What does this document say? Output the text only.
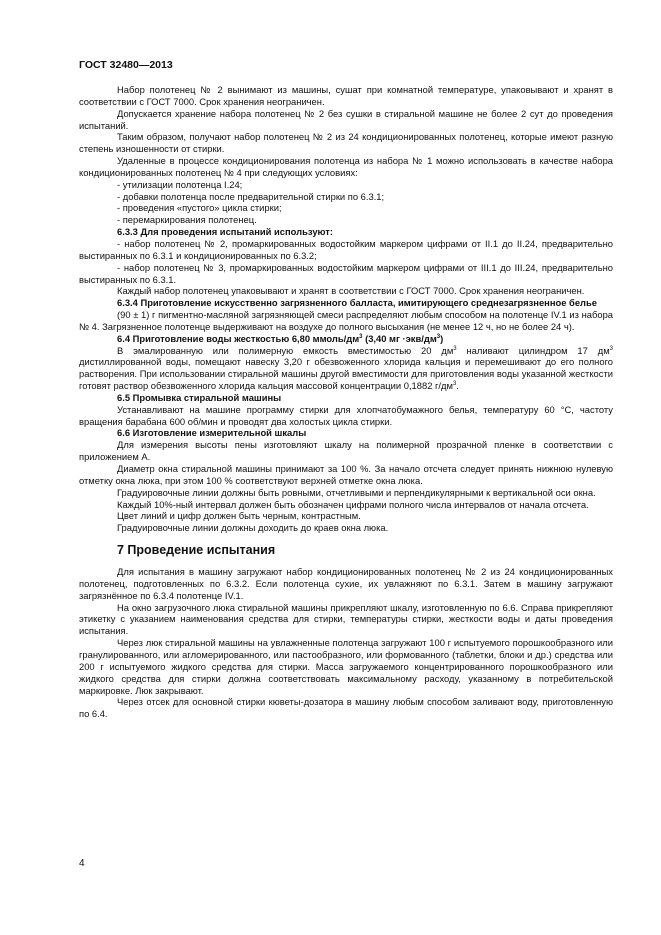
ГОСТ 32480—2013

Набор полотенец № 2 вынимают из машины, сушат при комнатной температуре, упаковывают и хранят в соответствии с ГОСТ 7000. Срок хранения неограничен.

Допускается хранение набора полотенец № 2 без сушки в стиральной машине не более 2 сут до проведения испытаний.

Таким образом, получают набор полотенец № 2 из 24 кондиционированных полотенец, которые имеют разную степень изношенности от стирки.

Удаленные в процессе кондиционирования полотенца из набора № 1 можно использовать в качестве набора кондиционированных полотенец № 4 при следующих условиях:

- утилизации полотенца I.24;

- добавки полотенца после предварительной стирки по 6.3.1;

- проведения «пустого» цикла стирки;

- перемаркирования полотенец.

6.3.3 Для проведения испытаний используют:

- набор полотенец № 2, промаркированных водостойким маркером цифрами от II.1 до II.24, предварительно выстиранных по 6.3.1 и кондиционированных по 6.3.2;

- набор полотенец № 3, промаркированных водостойким маркером цифрами от III.1 до III.24, предварительно выстиранных по 6.3.1.

Каждый набор полотенец упаковывают и хранят в соответствии с ГОСТ 7000. Срок хранения неограничен.

6.3.4 Приготовление искусственно загрязненного балласта, имитирующего среднезагрязненное белье

(90 ± 1) г пигментно-масляной загрязняющей смеси распределяют любым способом на полотенце IV.1 из набора № 4. Загрязненное полотенце выдерживают на воздухе до полного высыхания (не менее 12 ч, но не более 24 ч).

6.4 Приготовление воды жесткостью 6,80 ммоль/$дм^3$ (3,40 мг $\cdot экв/дм^3$)

В эмалированную или полимерную емкость вместимостью 20 $дм^3$ наливают цилиндром 17 $дм^3$ дистиллированной воды, помещают навеску 3,20 г обезвоженного хлорида кальция и перемешивают до его полного растворения. При использовании стиральной машины другой вместимости для приготовления воды указанной жесткости готовят раствор обезвоженного хлорида кальция массовой концентрации 0,1882 $г/дм^3$.

6.5 Промывка стиральной машины

Устанавливают на машине программу стирки для хлопчатобумажного белья, температуру 60 °С, частоту вращения барабана 600 об/мин и проводят два холостых цикла стирки.

6.6 Изготовление измерительной шкалы

Для измерения высоты пены изготовляют шкалу на полимерной прозрачной пленке в соответствии с приложением А.

Диаметр окна стиральной машины принимают за 100 %. За начало отсчета следует принять нижнюю нулевую отметку окна люка, при этом 100 % соответствуют верхней отметке окна люка.

Градуировочные линии должны быть ровными, отчетливыми и перпендикулярными к вертикальной оси окна.

Каждый 10%-ный интервал должен быть обозначен цифрами полного числа интервалов от начала отсчета.

Цвет линий и цифр должен быть черным, контрастным.

Градуировочные линии должны доходить до краев окна люка.

7 Проведение испытания

Для испытания в машину загружают набор кондиционированных полотенец № 2 из 24 кондиционированных полотенец, подготовленных по 6.3.2. Если полотенца сухие, их увлажняют по 6.3.1. Затем в машину загружают загрязнённое по 6.3.4 полотенце IV.1.

На окно загрузочного люка стиральной машины прикрепляют шкалу, изготовленную по 6.6. Справа прикрепляют этикетку с указанием наименования средства для стирки, температуры стирки, жесткости воды и даты проведения испытания.

Через люк стиральной машины на увлажненные полотенца загружают 100 г испытуемого порошкообразного или гранулированного, или агломерированного, или пастообразного, или формованного (таблетки, блоки и др.) средства или 200 г испытуемого жидкого средства для стирки. Масса загружаемого концентрированного порошкообразного или жидкого средства для стирки должна соответствовать максимальному расходу, указанному в потребительской маркировке. Люк закрывают.

Через отсек для основной стирки кюветы-дозатора в машину любым способом заливают воду, приготовленную по 6.4.

4
